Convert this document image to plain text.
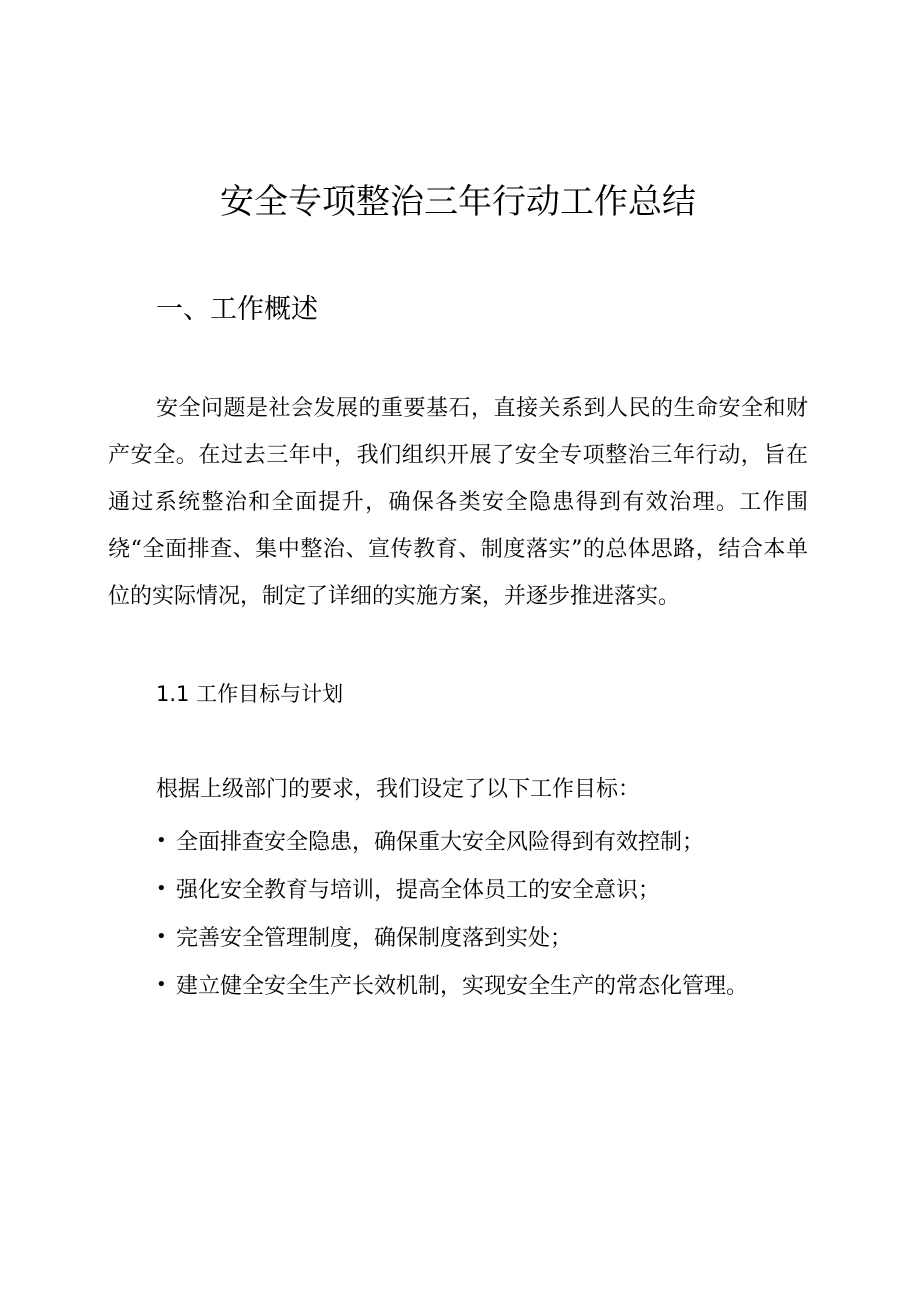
安全专项整治三年行动工作总结
一、工作概述

安全问题是社会发展的重要基石，直接关系到人民的生命安全和财产安全。在过去三年中，我们组织开展了安全专项整治三年行动，旨在通过系统整治和全面提升，确保各类安全隐患得到有效治理。工作围绕“全面排查、集中整治、宣传教育、制度落实”的总体思路，结合本单位的实际情况，制定了详细的实施方案，并逐步推进落实。

1.1 工作目标与计划

根据上级部门的要求，我们设定了以下工作目标：

• 全面排查安全隐患，确保重大安全风险得到有效控制；
• 强化安全教育与培训，提高全体员工的安全意识；
• 完善安全管理制度，确保制度落到实处；
• 建立健全安全生产长效机制，实现安全生产的常态化管理。
